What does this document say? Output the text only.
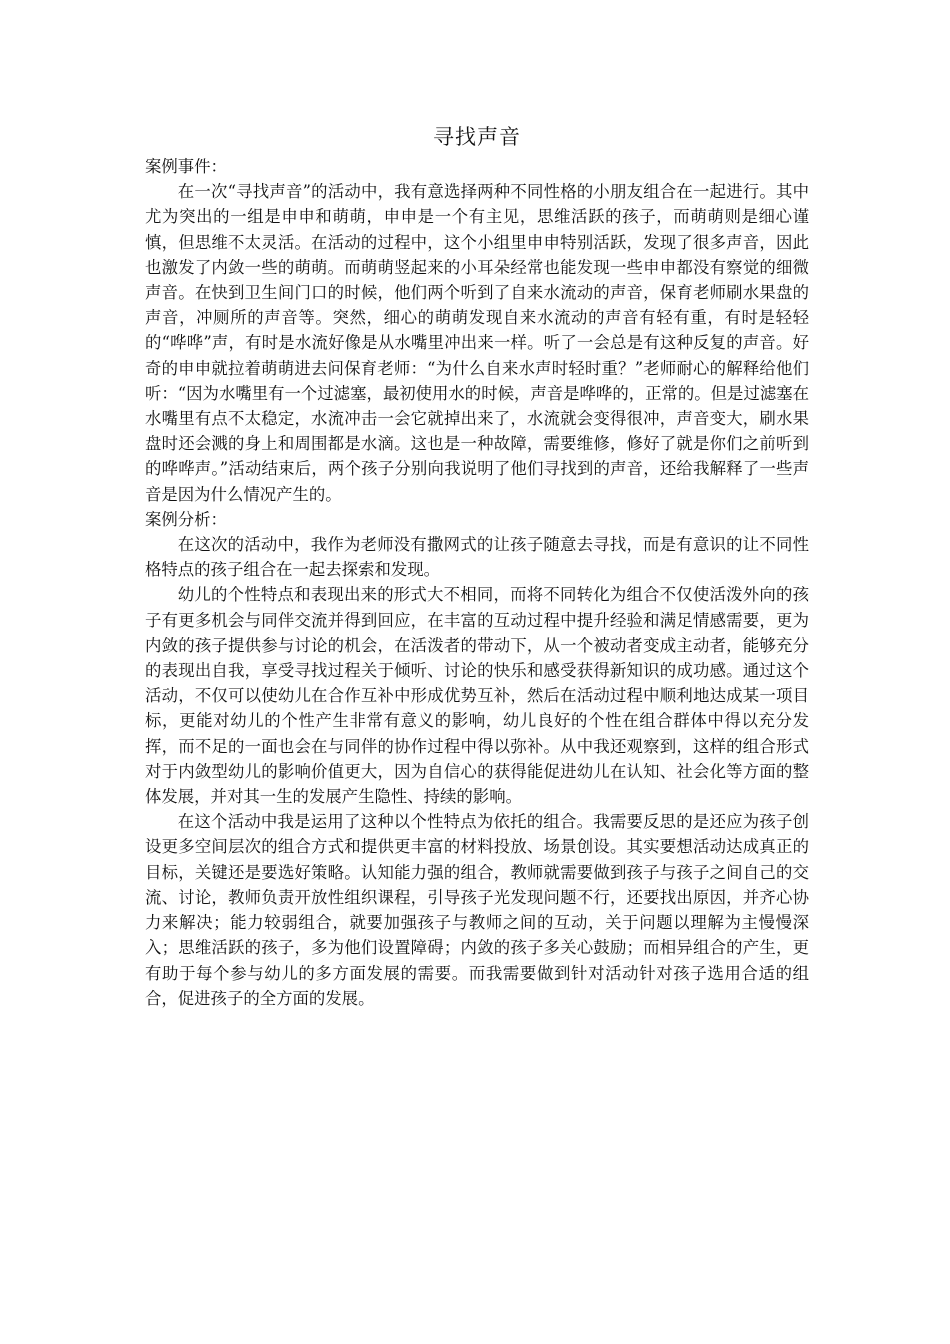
寻找声音

案例事件：

在一次“寻找声音”的活动中，我有意选择两种不同性格的小朋友组合在一起进行。其中尤为突出的一组是申申和萌萌，申申是一个有主见，思维活跃的孩子，而萌萌则是细心谨慎，但思维不太灵活。在活动的过程中，这个小组里申申特别活跃，发现了很多声音，因此也激发了内敛一些的萌萌。而萌萌竖起来的小耳朵经常也能发现一些申申都没有察觉的细微声音。在快到卫生间门口的时候，他们两个听到了自来水流动的声音，保育老师刷水果盘的声音，冲厕所的声音等。突然，细心的萌萌发现自来水流动的声音有轻有重，有时是轻轻的“哗哗”声，有时是水流好像是从水嘴里冲出来一样。听了一会总是有这种反复的声音。好奇的申申就拉着萌萌进去问保育老师：“为什么自来水声时轻时重？”老师耐心的解释给他们听：“因为水嘴里有一个过滤塞，最初使用水的时候，声音是哗哗的，正常的。但是过滤塞在水嘴里有点不太稳定，水流冲击一会它就掉出来了，水流就会变得很冲，声音变大，刷水果盘时还会溅的身上和周围都是水滴。这也是一种故障，需要维修，修好了就是你们之前听到的哗哗声。”活动结束后，两个孩子分别向我说明了他们寻找到的声音，还给我解释了一些声音是因为什么情况产生的。

案例分析：

在这次的活动中，我作为老师没有撒网式的让孩子随意去寻找，而是有意识的让不同性格特点的孩子组合在一起去探索和发现。

幼儿的个性特点和表现出来的形式大不相同，而将不同转化为组合不仅使活泼外向的孩子有更多机会与同伴交流并得到回应，在丰富的互动过程中提升经验和满足情感需要，更为内敛的孩子提供参与讨论的机会，在活泼者的带动下，从一个被动者变成主动者，能够充分的表现出自我，享受寻找过程关于倾听、讨论的快乐和感受获得新知识的成功感。通过这个活动，不仅可以使幼儿在合作互补中形成优势互补，然后在活动过程中顺利地达成某一项目标，更能对幼儿的个性产生非常有意义的影响，幼儿良好的个性在组合群体中得以充分发挥，而不足的一面也会在与同伴的协作过程中得以弥补。从中我还观察到，这样的组合形式对于内敛型幼儿的影响价值更大，因为自信心的获得能促进幼儿在认知、社会化等方面的整体发展，并对其一生的发展产生隐性、持续的影响。

在这个活动中我是运用了这种以个性特点为依托的组合。我需要反思的是还应为孩子创设更多空间层次的组合方式和提供更丰富的材料投放、场景创设。其实要想活动达成真正的目标，关键还是要选好策略。认知能力强的组合，教师就需要做到孩子与孩子之间自己的交流、讨论，教师负责开放性组织课程，引导孩子光发现问题不行，还要找出原因，并齐心协力来解决；能力较弱组合，就要加强孩子与教师之间的互动，关于问题以理解为主慢慢深入；思维活跃的孩子，多为他们设置障碍；内敛的孩子多关心鼓励；而相异组合的产生，更有助于每个参与幼儿的多方面发展的需要。而我需要做到针对活动针对孩子选用合适的组合，促进孩子的全方面的发展。
